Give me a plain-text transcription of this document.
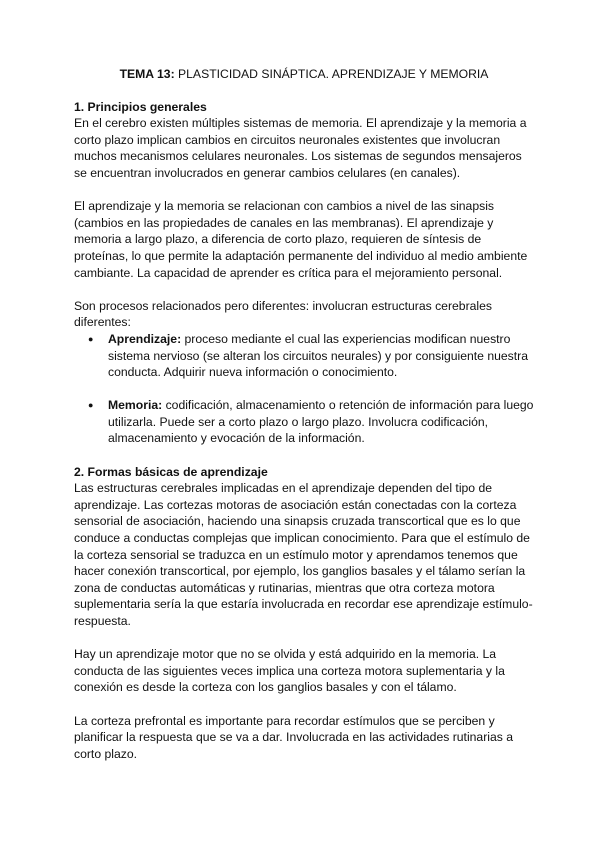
TEMA 13: PLASTICIDAD SINÁPTICA. APRENDIZAJE Y MEMORIA

1. Principios generales

En el cerebro existen múltiples sistemas de memoria. El aprendizaje y la memoria a corto plazo implican cambios en circuitos neuronales existentes que involucran muchos mecanismos celulares neuronales. Los sistemas de segundos mensajeros se encuentran involucrados en generar cambios celulares (en canales).

El aprendizaje y la memoria se relacionan con cambios a nivel de las sinapsis (cambios en las propiedades de canales en las membranas). El aprendizaje y memoria a largo plazo, a diferencia de corto plazo, requieren de síntesis de proteínas, lo que permite la adaptación permanente del individuo al medio ambiente cambiante. La capacidad de aprender es crítica para el mejoramiento personal.

Son procesos relacionados pero diferentes: involucran estructuras cerebrales diferentes:

● Aprendizaje: proceso mediante el cual las experiencias modifican nuestro sistema nervioso (se alteran los circuitos neurales) y por consiguiente nuestra conducta. Adquirir nueva información o conocimiento.
● Memoria: codificación, almacenamiento o retención de información para luego utilizarla. Puede ser a corto plazo o largo plazo. Involucra codificación, almacenamiento y evocación de la información.

2. Formas básicas de aprendizaje

Las estructuras cerebrales implicadas en el aprendizaje dependen del tipo de aprendizaje. Las cortezas motoras de asociación están conectadas con la corteza sensorial de asociación, haciendo una sinapsis cruzada transcortical que es lo que conduce a conductas complejas que implican conocimiento. Para que el estímulo de la corteza sensorial se traduzca en un estímulo motor y aprendamos tenemos que hacer conexión transcortical, por ejemplo, los ganglios basales y el tálamo serían la zona de conductas automáticas y rutinarias, mientras que otra corteza motora suplementaria sería la que estaría involucrada en recordar ese aprendizaje estímulo-respuesta.

Hay un aprendizaje motor que no se olvida y está adquirido en la memoria. La conducta de las siguientes veces implica una corteza motora suplementaria y la conexión es desde la corteza con los ganglios basales y con el tálamo.

La corteza prefrontal es importante para recordar estímulos que se perciben y planificar la respuesta que se va a dar. Involucrada en las actividades rutinarias a corto plazo.
